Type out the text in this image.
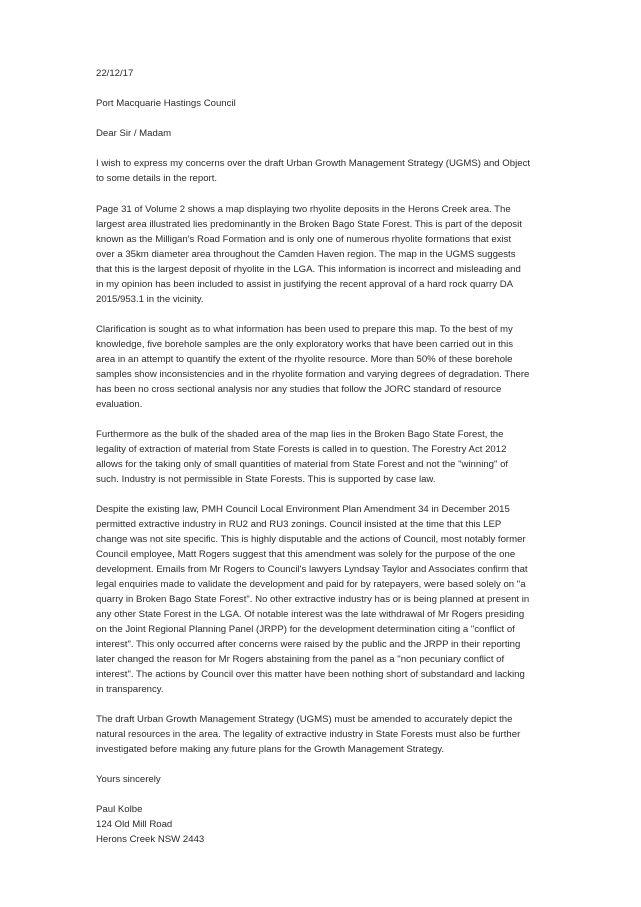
22/12/17
Port Macquarie Hastings Council
Dear Sir / Madam
I wish to express my concerns over the draft Urban Growth Management Strategy (UGMS) and Object
to some details in the report.
Page 31 of Volume 2 shows a map displaying two rhyolite deposits in the Herons Creek area. The
largest area illustrated lies predominantly in the Broken Bago State Forest. This is part of the deposit
known as the Milligan's Road Formation and is only one of numerous rhyolite formations that exist
over a 35km diameter area throughout the Camden Haven region. The map in the UGMS suggests
that this is the largest deposit of rhyolite in the LGA. This information is incorrect and misleading and
in my opinion has been included to assist in justifying the recent approval of a hard rock quarry DA
2015/953.1 in the vicinity.
Clarification is sought as to what information has been used to prepare this map. To the best of my
knowledge, five borehole samples are the only exploratory works that have been carried out in this
area in an attempt to quantify the extent of the rhyolite resource. More than 50% of these borehole
samples show inconsistencies and in the rhyolite formation and varying degrees of degradation. There
has been no cross sectional analysis nor any studies that follow the JORC standard of resource
evaluation.
Furthermore as the bulk of the shaded area of the map lies in the Broken Bago State Forest, the
legality of extraction of material from State Forests is called in to question. The Forestry Act 2012
allows for the taking only of small quantities of material from State Forest and not the "winning" of
such. Industry is not permissible in State Forests. This is supported by case law.
Despite the existing law, PMH Council Local Environment Plan Amendment 34 in December 2015
permitted extractive industry in RU2 and RU3 zonings. Council insisted at the time that this LEP
change was not site specific. This is highly disputable and the actions of Council, most notably former
Council employee, Matt Rogers suggest that this amendment was solely for the purpose of the one
development. Emails from Mr Rogers to Council's lawyers Lyndsay Taylor and Associates confirm that
legal enquiries made to validate the development and paid for by ratepayers, were based solely on "a
quarry in Broken Bago State Forest". No other extractive industry has or is being planned at present in
any other State Forest in the LGA. Of notable interest was the late withdrawal of Mr Rogers presiding
on the Joint Regional Planning Panel (JRPP) for the development determination citing a "conflict of
interest". This only occurred after concerns were raised by the public and the JRPP in their reporting
later changed the reason for Mr Rogers abstaining from the panel as a "non pecuniary conflict of
interest". The actions by Council over this matter have been nothing short of substandard and lacking
in transparency.
The draft Urban Growth Management Strategy (UGMS) must be amended to accurately depict the
natural resources in the area. The legality of extractive industry in State Forests must also be further
investigated before making any future plans for the Growth Management Strategy.
Yours sincerely
Paul Kolbe
124 Old Mill Road
Herons Creek NSW 2443
